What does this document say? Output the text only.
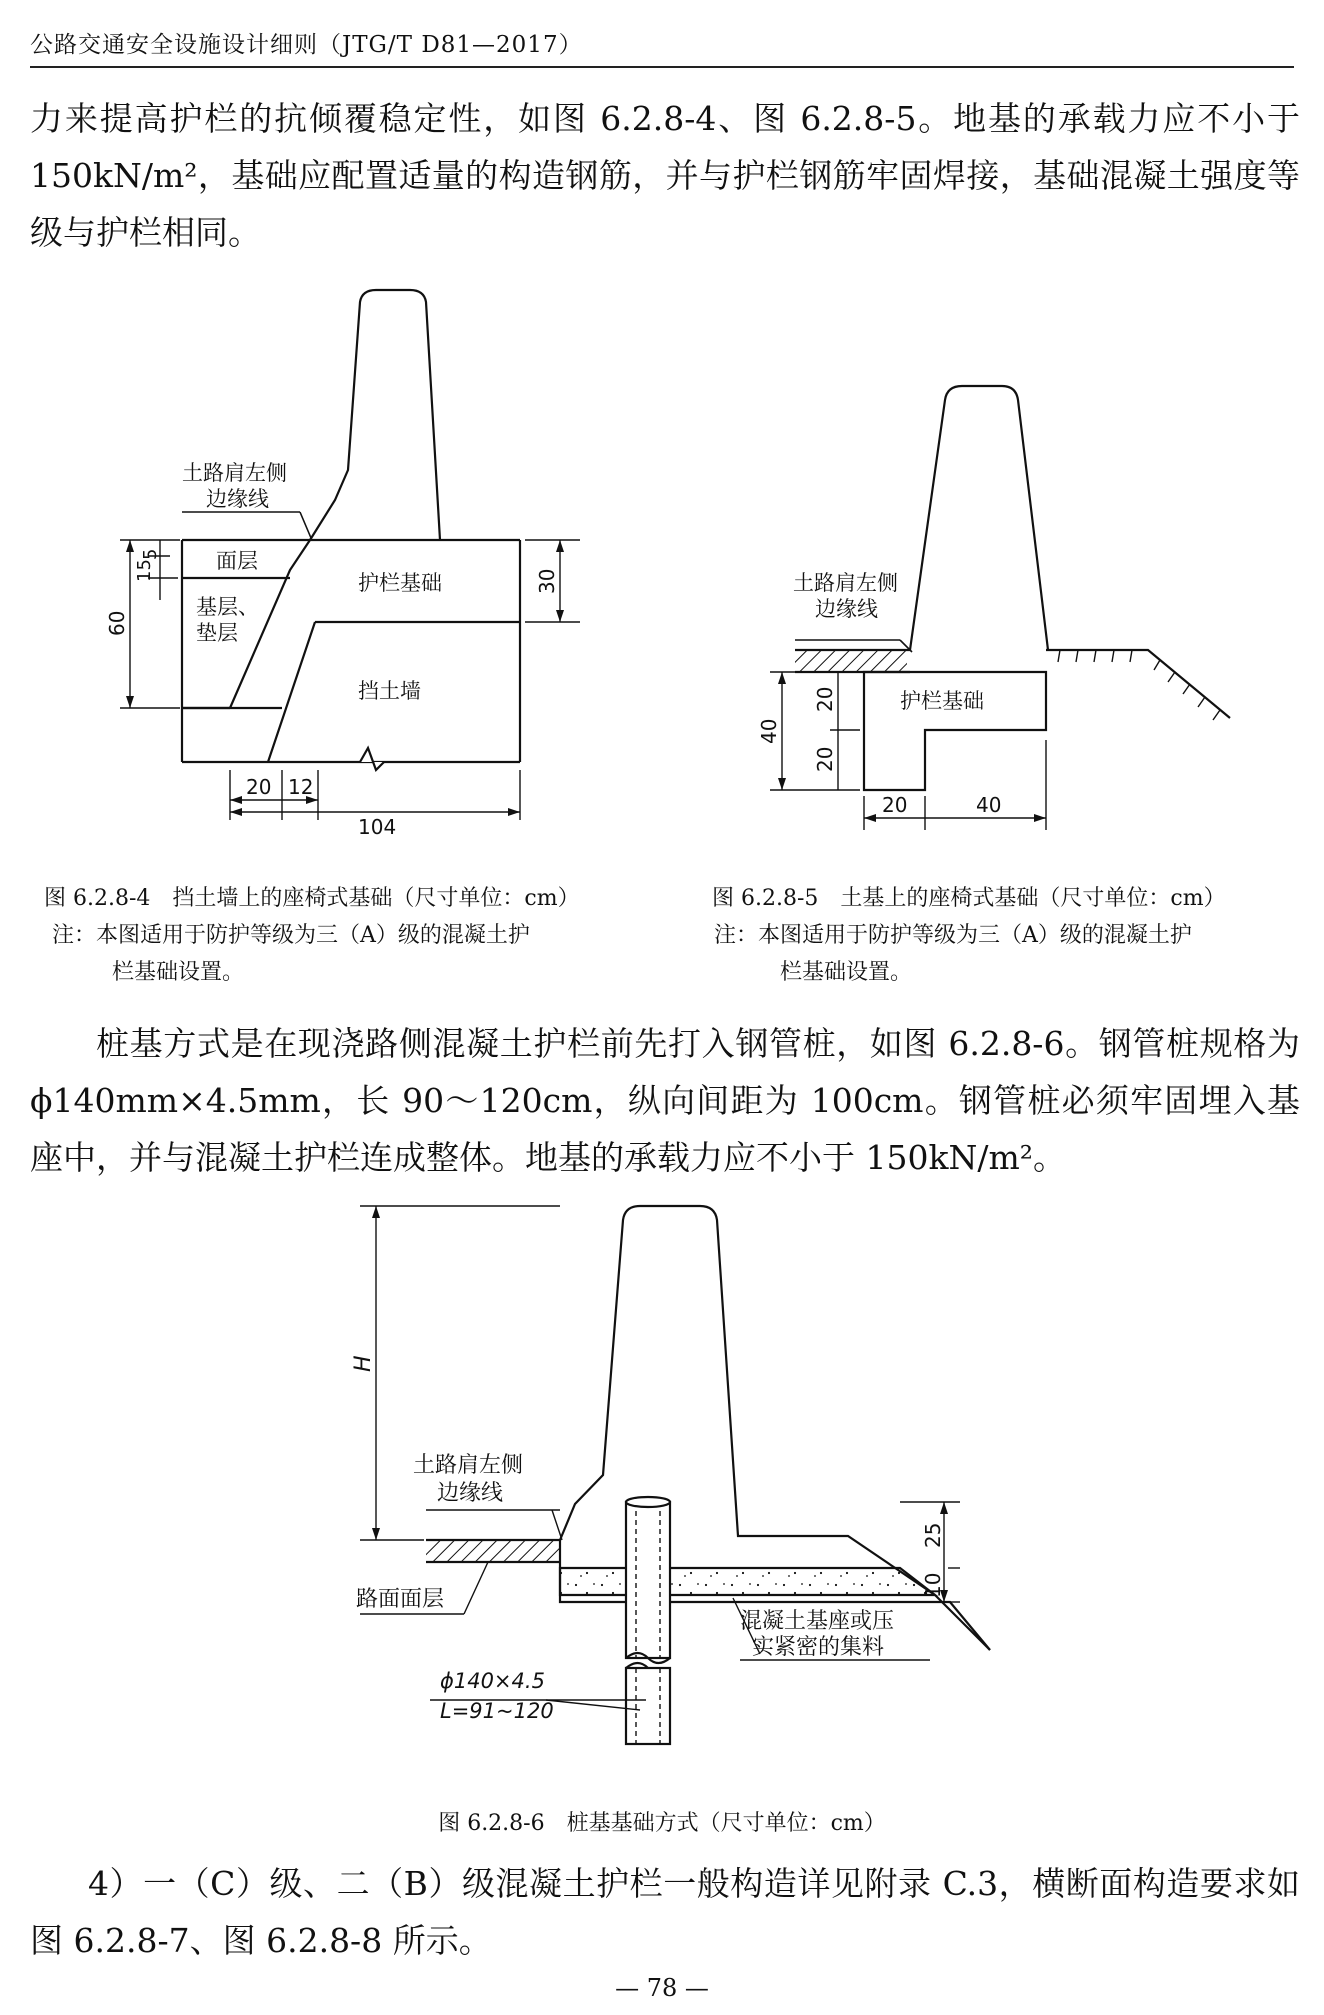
公路交通安全设施设计细则（JTG/T D81—2017）

力来提高护栏的抗倾覆稳定性，如图 6.2.8-4、图 6.2.8-5。地基的承载力应不小于 150kN/m²，基础应配置适量的构造钢筋，并与护栏钢筋牢固焊接，基础混凝土强度等级与护栏相同。

土路肩左侧
边缘线
面层
基层、
垫层
护栏基础
挡土墙
5
15
60
30
20 12
104
图 6.2.8-4　挡土墙上的座椅式基础（尺寸单位：cm）
注：本图适用于防护等级为三（A）级的混凝土护
栏基础设置。
土路肩左侧
边缘线
护栏基础
40
20
20
20	40
图 6.2.8-5　土基上的座椅式基础（尺寸单位：cm）
注：本图适用于防护等级为三（A）级的混凝土护
栏基础设置。

桩基方式是在现浇路侧混凝土护栏前先打入钢管桩，如图 6.2.8-6。钢管桩规格为 ϕ140mm×4.5mm，长 90～120cm，纵向间距为 100cm。钢管桩必须牢固埋入基座中，并与混凝土护栏连成整体。地基的承载力应不小于 150kN/m²。

H
土路肩左侧
边缘线
路面面层
ϕ140×4.5
L=91~120
混凝土基座或压
实紧密的集料
25
10
图 6.2.8-6　桩基基础方式（尺寸单位：cm）

4）一（C）级、二（B）级混凝土护栏一般构造详见附录 C.3，横断面构造要求如图 6.2.8-7、图 6.2.8-8 所示。

— 78 —
